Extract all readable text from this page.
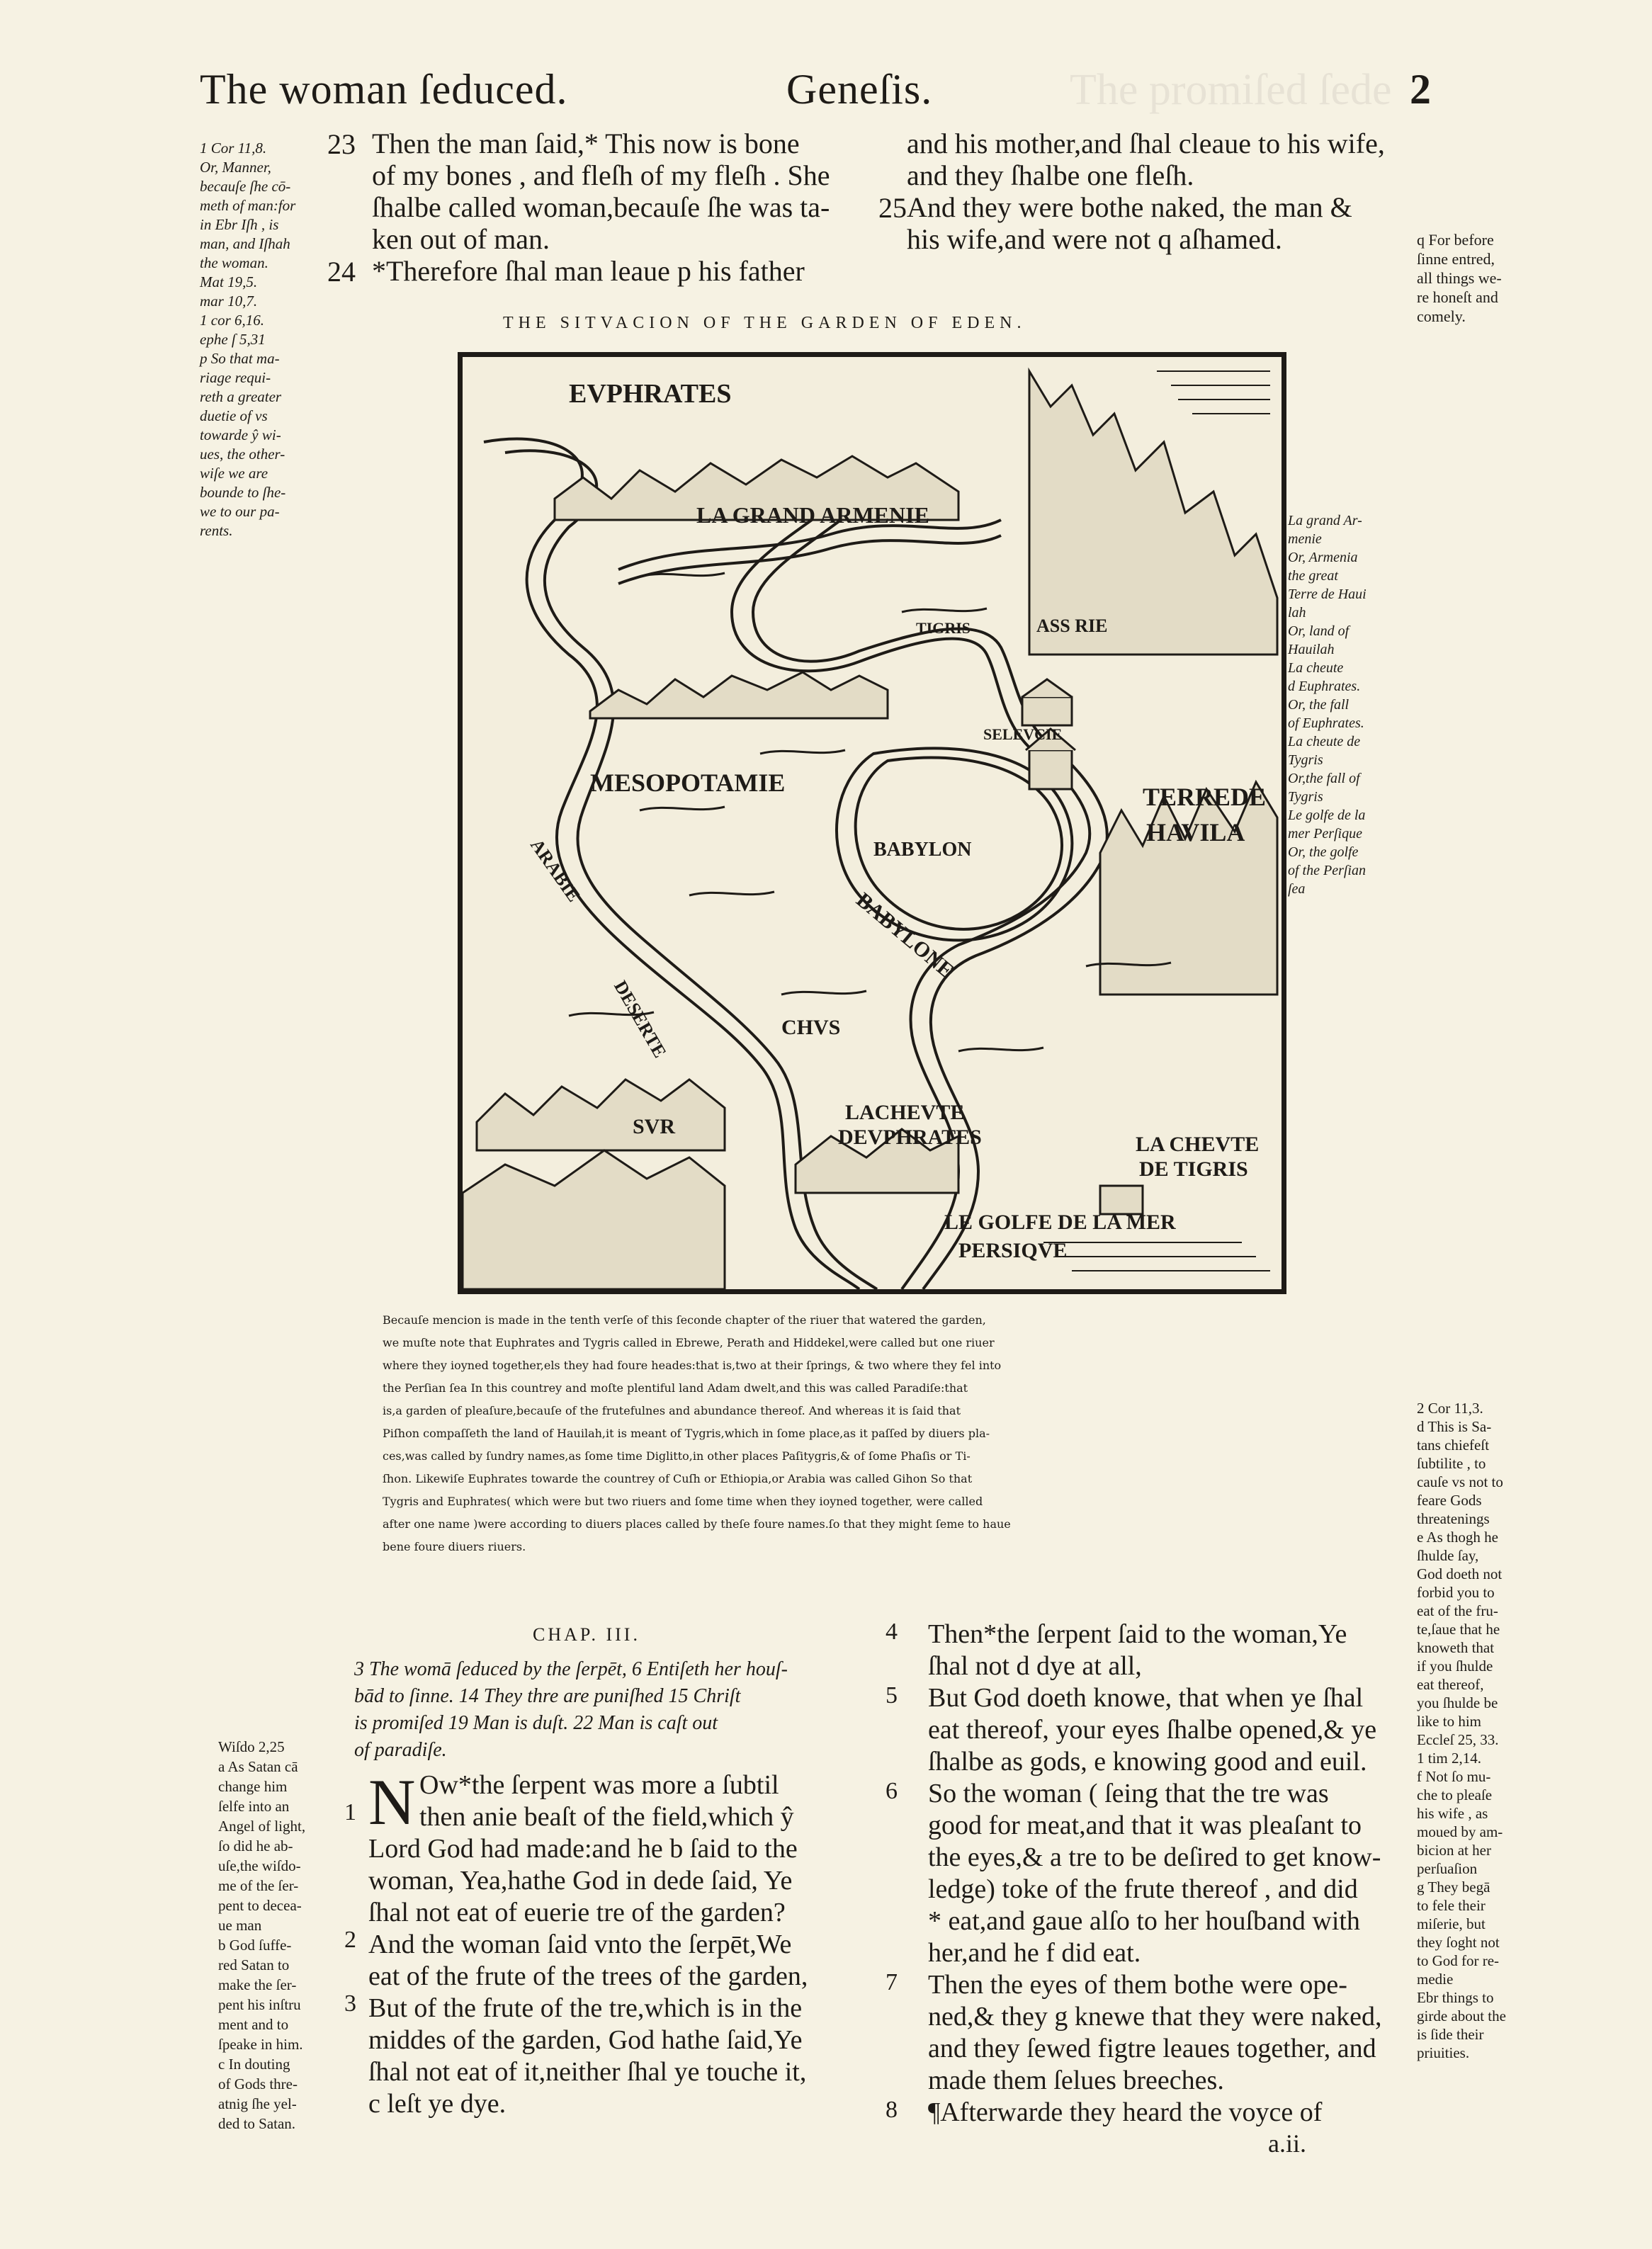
The promiſed ſede
The woman ſeduced.	Geneſis.	2
1 Cor 11,8.
Or, Manner,
becauſe ſhe cō-
meth of man:for
in Ebr Iſh , is
man, and Iſhah
the woman.
Mat 19,5.
mar 10,7.
1 cor 6,16.
ephe ſ 5,31
p So that ma-
riage requi-
reth a greater
duetie of vs
towarde ŷ wi-
ues, the other-
wiſe we are
bounde to ſhe-
we to our pa-
rents.
23
24
Then the man ſaid,* This now is bone
of my bones , and fleſh of my fleſh . She
ſhalbe called woman,becauſe ſhe was ta-
ken out of man.
*Therefore ſhal man leaue p his father
25
and his mother,and ſhal cleaue to his wife,
and they ſhalbe one fleſh.
And they were bothe naked, the man &
his wife,and were not q aſhamed.	q For before
ſinne entred,
all things we-
re honeſt and
comely.
THE SITVACION OF THE GARDEN OF EDEN.
EVPHRATES
LA GRAND ARMENIE
TIGRIS	ASS RIE
SELEVCIE
MESOPOTAMIE
ARABIE	BABYLON
BABYLONE
TERREDE
HAVILA
DESERTE	CHVS
SVR
LACHEVTE
DEVPHRATES	LA CHEVTE
DE TIGRIS
LE GOLFE DE LA MER
PERSIQVE
La grand Ar-
menie
Or, Armenia
the great
Terre de Haui
lah
Or, land of
Hauilah
La cheute
d Euphrates.
Or, the fall
of Euphrates.
La cheute de
Tygris
Or,the fall of
Tygris
Le golfe de la
mer Perſique
Or, the golfe
of the Perſian
ſea
Becauſe mencion is made in the tenth verſe of this ſeconde chapter of the riuer that watered the garden,
we muſte note that Euphrates and Tygris called in Ebrewe, Perath and Hiddekel,were called but one riuer
where they ioyned together,els they had foure heades:that is,two at their ſprings, & two where they fel into
the Perſian ſea In this countrey and moſte plentiful land Adam dwelt,and this was called Paradiſe:that
is,a garden of pleaſure,becauſe of the frutefulnes and abundance thereof. And whereas it is ſaid that
Piſhon compaſſeth the land of Hauilah,it is meant of Tygris,which in ſome place,as it paſſed by diuers pla-
ces,was called by ſundry names,as ſome time Diglitto,in other places Paſitygris,& of ſome Phaſis or Ti-
ſhon. Likewiſe Euphrates towarde the countrey of Cuſh or Ethiopia,or Arabia was called Gihon So that
Tygris and Euphrates( which were but two riuers and ſome time when they ioyned together, were called
after one name )were according to diuers places called by theſe foure names.ſo that they might ſeme to haue
bene foure diuers riuers.
2 Cor 11,3.
d This is Sa-
tans chiefeſt
ſubtilite , to
cauſe vs not to
feare Gods
threatenings
e As thogh he
ſhulde ſay,
God doeth not
forbid you to
eat of the fru-
te,ſaue that he
knoweth that
if you ſhulde
eat thereof,
you ſhulde be
like to him
Eccleſ 25, 33.
1 tim 2,14.
f Not ſo mu-
che to pleaſe
his wife , as
moued by am-
bicion at her
perſuaſion
g They begā
to fele their
miſerie, but
they ſoght not
to God for re-
medie
Ebr things to
girde about the
is ſide their
priuities.
CHAP. III.
3 The womā ſeduced by the ſerpēt, 6 Entiſeth her houſ-
bād to ſinne. 14 They thre are puniſhed 15 Chriſt
is promiſed 19 Man is duſt. 22 Man is caſt out
of paradiſe.
Wiſdo 2,25
a As Satan cā
change him
ſelfe into an
Angel of light,
ſo did he ab-
uſe,the wiſdo-
me of the ſer-
pent to decea-
ue man
b God ſuffe-
red Satan to
make the ſer-
pent his inſtru
ment and to
ſpeake in him.
c In douting
of Gods thre-
atnig ſhe yel-
ded to Satan.
N
2
3
1
Ow*the ſerpent was more a ſubtil
then anie beaſt of the field,which ŷ
Lord God had made:and he b ſaid to the
woman, Yea,hathe God in dede ſaid, Ye
ſhal not eat of euerie tre of the garden?
And the woman ſaid vnto the ſerpēt,We
eat of the frute of the trees of the garden,
But of the frute of the tre,which is in the
middes of the garden, God hathe ſaid,Ye
ſhal not eat of it,neither ſhal ye touche it,
c leſt ye dye.
4
5
6
7
8
Then*the ſerpent ſaid to the woman,Ye
ſhal not d dye at all,
But God doeth knowe, that when ye ſhal
eat thereof, your eyes ſhalbe opened,& ye
ſhalbe as gods, e knowing good and euil.
So the woman ( ſeing that the tre was
good for meat,and that it was pleaſant to
the eyes,& a tre to be deſired to get know-
ledge) toke of the frute thereof , and did
* eat,and gaue alſo to her houſband with
her,and he f did eat.
Then the eyes of them bothe were ope-
ned,& they g knewe that they were naked,
and they ſewed figtre leaues together, and
made them ſelues breeches.
¶Afterwarde they heard the voyce of
a.ii.
